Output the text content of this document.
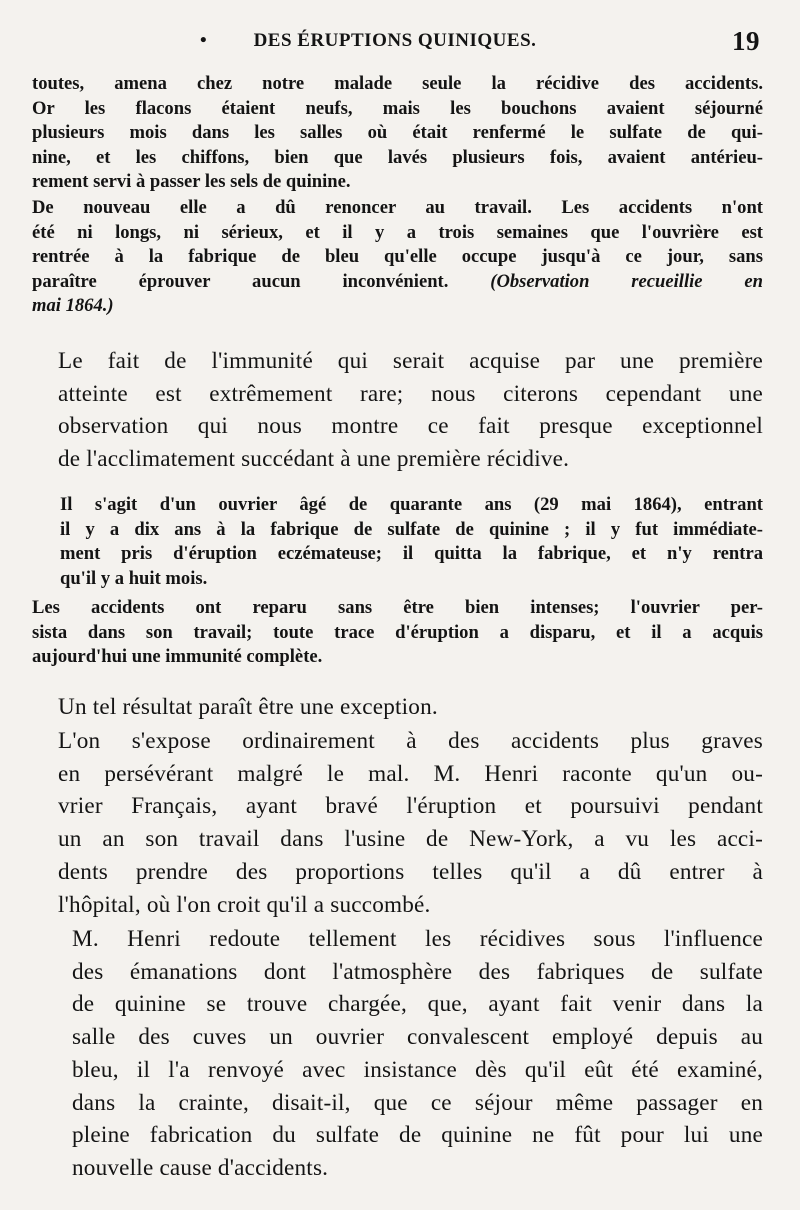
• DES ÉRUPTIONS QUINIQUES.	19
toutes, amena chez notre malade seule la récidive des accidents.
Or les flacons étaient neufs, mais les bouchons avaient séjourné
plusieurs mois dans les salles où était renfermé le sulfate de qui-
nine, et les chiffons, bien que lavés plusieurs fois, avaient antérieu-
rement servi à passer les sels de quinine.
De nouveau elle a dû renoncer au travail. Les accidents n'ont
été ni longs, ni sérieux, et il y a trois semaines que l'ouvrière est
rentrée à la fabrique de bleu qu'elle occupe jusqu'à ce jour, sans
paraître éprouver aucun inconvénient. (Observation recueillie en
mai 1864.)
Le fait de l'immunité qui serait acquise par une première
atteinte est extrêmement rare; nous citerons cependant une
observation qui nous montre ce fait presque exceptionnel
de l'acclimatement succédant à une première récidive.
Il s'agit d'un ouvrier âgé de quarante ans (29 mai 1864), entrant
il y a dix ans à la fabrique de sulfate de quinine ; il y fut immédiate-
ment pris d'éruption eczémateuse; il quitta la fabrique, et n'y rentra
qu'il y a huit mois.
Les accidents ont reparu sans être bien intenses; l'ouvrier per-
sista dans son travail; toute trace d'éruption a disparu, et il a acquis
aujourd'hui une immunité complète.
Un tel résultat paraît être une exception.
L'on s'expose ordinairement à des accidents plus graves
en persévérant malgré le mal. M. Henri raconte qu'un ou-
vrier Français, ayant bravé l'éruption et poursuivi pendant
un an son travail dans l'usine de New-York, a vu les acci-
dents prendre des proportions telles qu'il a dû entrer à
l'hôpital, où l'on croit qu'il a succombé.
M. Henri redoute tellement les récidives sous l'influence
des émanations dont l'atmosphère des fabriques de sulfate
de quinine se trouve chargée, que, ayant fait venir dans la
salle des cuves un ouvrier convalescent employé depuis au
bleu, il l'a renvoyé avec insistance dès qu'il eût été examiné,
dans la crainte, disait-il, que ce séjour même passager en
pleine fabrication du sulfate de quinine ne fût pour lui une
nouvelle cause d'accidents.
